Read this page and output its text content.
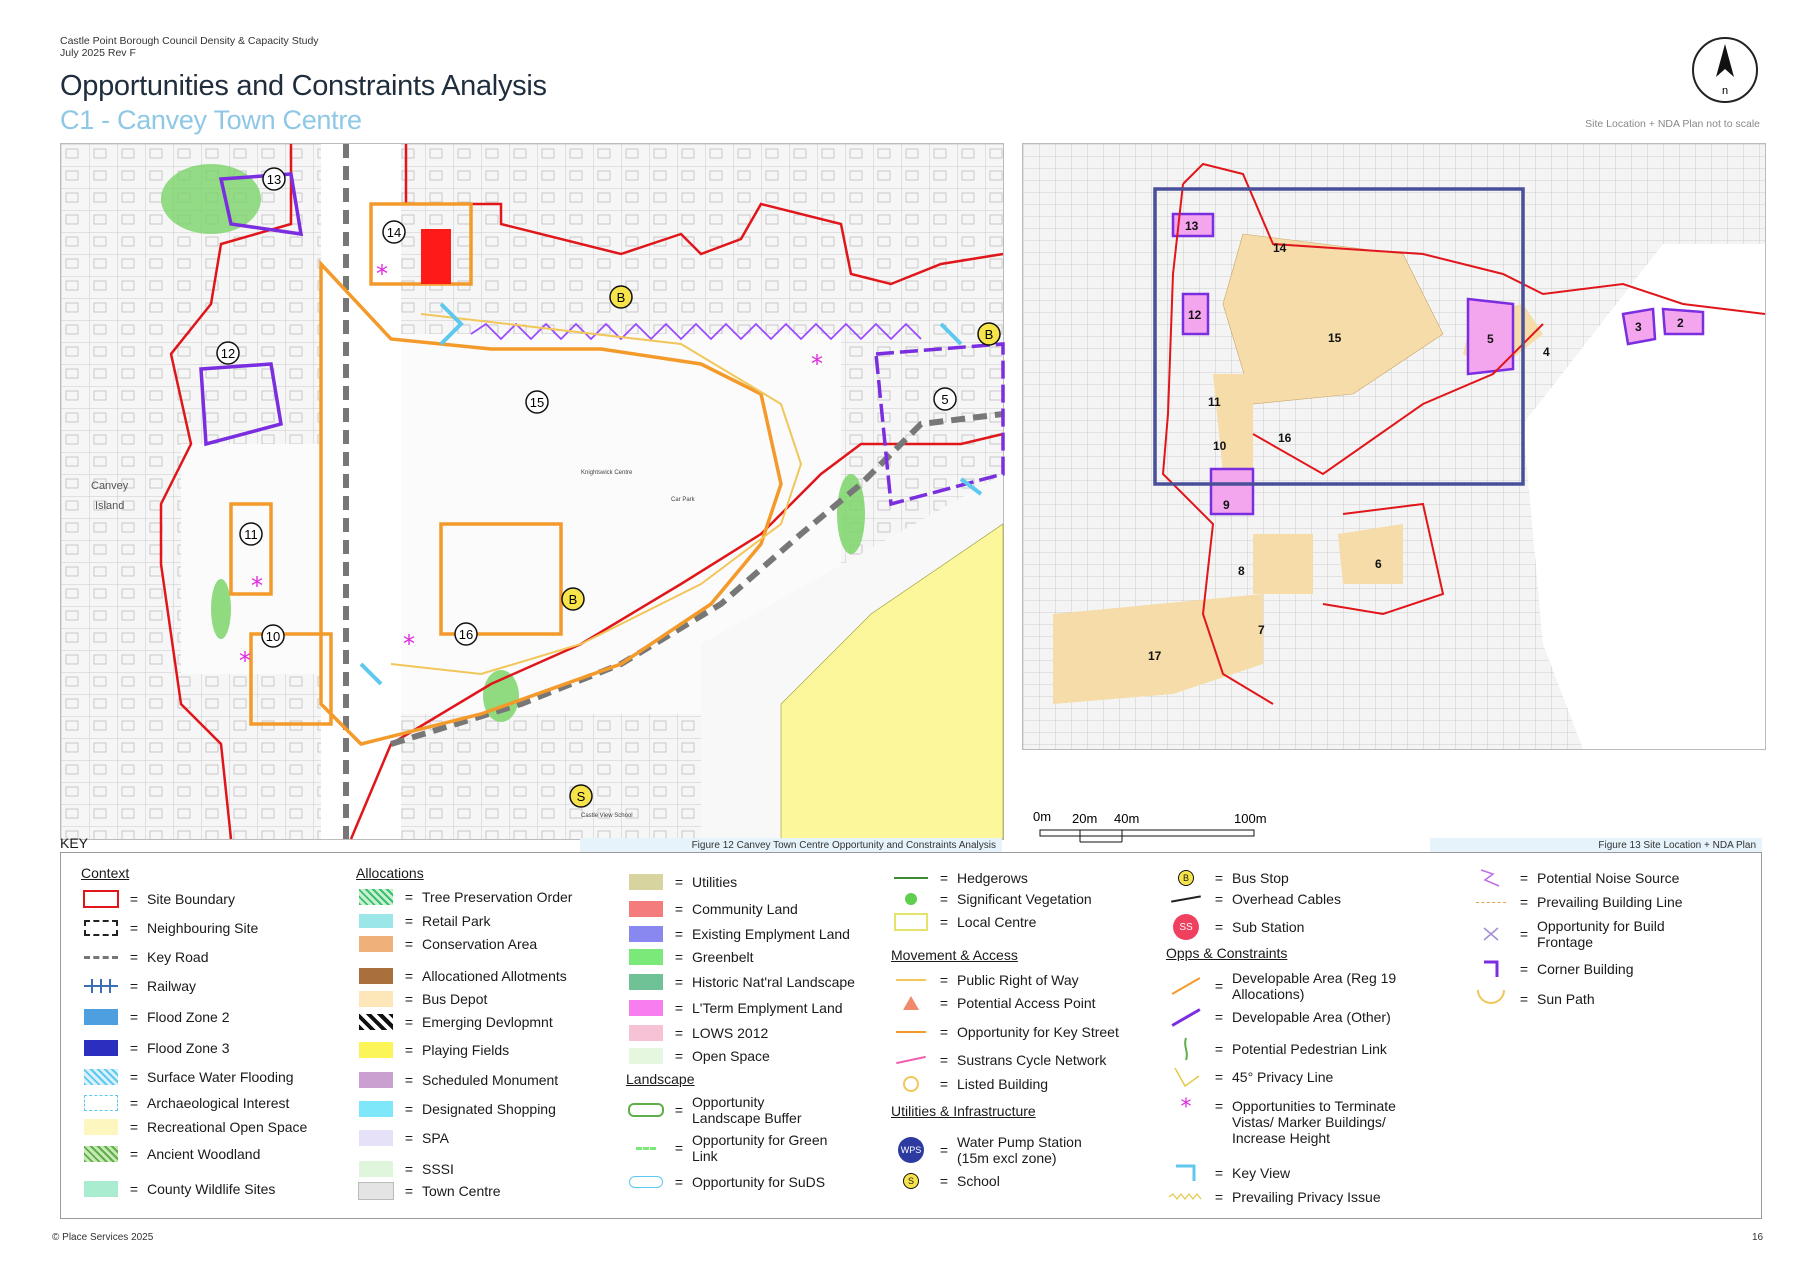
Castle Point Borough Council Density & Capacity Study
July 2025 Rev F
Opportunities and Constraints Analysis
C1 - Canvey Town Centre
n
Site Location + NDA Plan not to scale
13
14
12
15	5
11
10	16
B
B
B
S
*
*
*
*
*
Canvey
Island
Knightswick Centre
Car Park
Castle View School
Figure 12 Canvey Town Centre Opportunity and Constraints Analysis
13
14
12
15	5
4
3	2
11
10
16
9
8	6
7
17
0m 20m 40m	100m
Figure 13 Site Location + NDA Plan
KEY
Context
= Site Boundary
= Neighbouring Site
= Key Road
= Railway
= Flood Zone 2
= Flood Zone 3
= Surface Water Flooding
= Archaeological Interest
= Recreational Open Space
= Ancient Woodland
= County Wildlife Sites
Allocations
= Tree Preservation Order
= Retail Park
= Conservation Area
= Allocationed Allotments
= Bus Depot
= Emerging Devlopmnt
= Playing Fields
= Scheduled Monument
= Designated Shopping
= SPA
= SSSI
= Town Centre
= Utilities
= Community Land
= Existing Emplyment Land
= Greenbelt
= Historic Nat'ral Landscape
= L'Term Emplyment Land
= LOWS 2012
= Open Space
Landscape
= Opportunity
Landscape Buffer
= Opportunity for Green
Link
= Opportunity for SuDS
= Hedgerows
= Significant Vegetation
= Local Centre
Movement & Access
= Public Right of Way
= Potential Access Point
= Opportunity for Key Street
= Sustrans Cycle Network
= Listed Building
Utilities & Infrastructure
WPS	= Water Pump Station
(15m excl zone)
S	= School
B	= Bus Stop
= Overhead Cables
SS	= Sub Station
Opps & Constraints
= Developable Area (Reg 19
Allocations)
= Developable Area (Other)
= Potential Pedestrian Link
= 45° Privacy Line
*	= Opportunities to Terminate
Vistas/ Marker Buildings/
Increase Height
= Key View
= Prevailing Privacy Issue
= Potential Noise Source
= Prevailing Building Line
= Opportunity for Build
Frontage
= Corner Building
= Sun Path
© Place Services 2025	16
